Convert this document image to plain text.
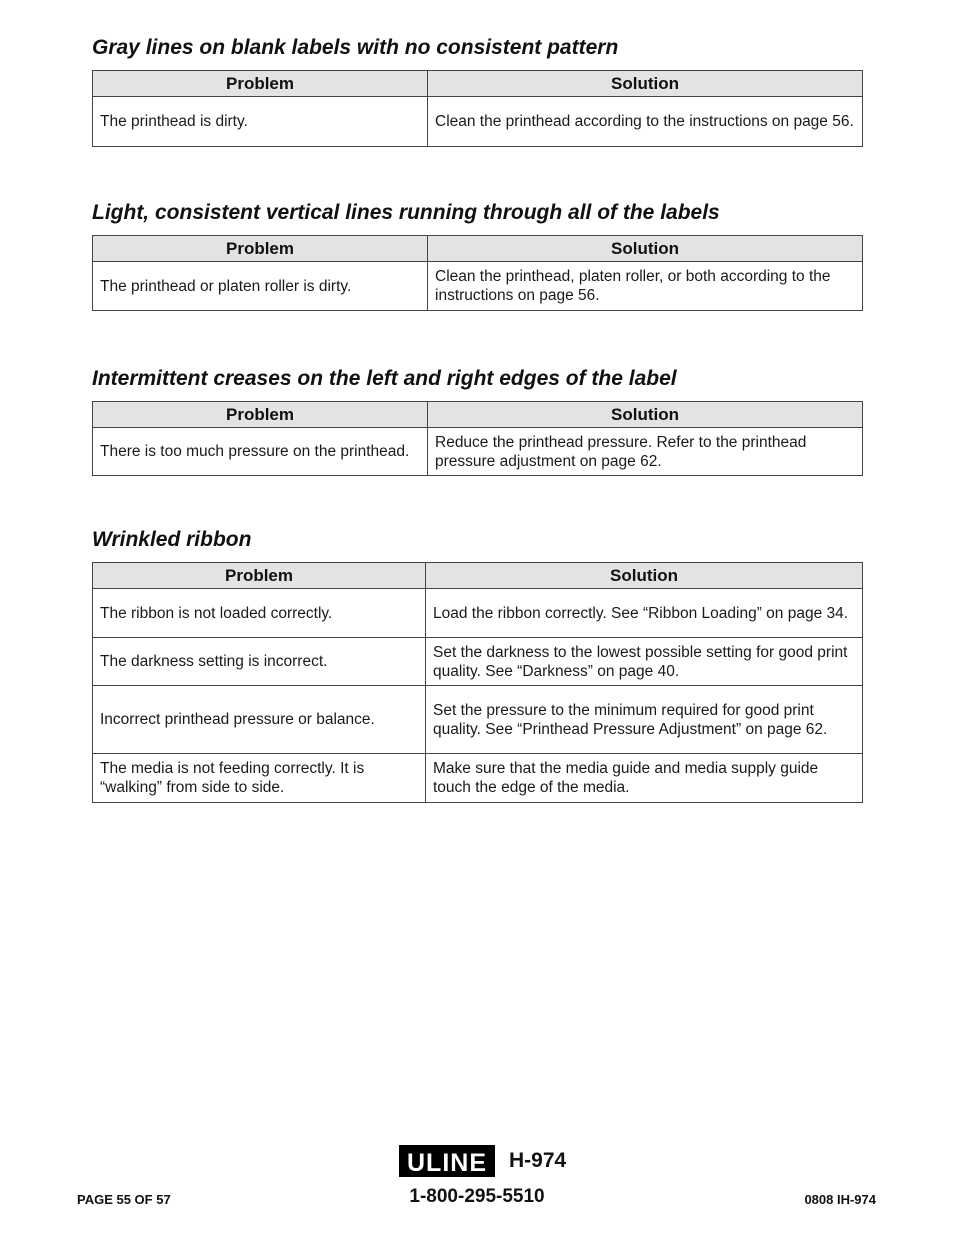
Gray lines on blank labels with no consistent pattern
Problem	Solution
The printhead is dirty.	Clean the printhead according to the instructions on page 56.
Light, consistent vertical lines running through all of the labels
Problem	Solution
The printhead or platen roller is dirty.	Clean the printhead, platen roller, or both according to the instructions on page 56.
Intermittent creases on the left and right edges of the label
Problem	Solution
There is too much pressure on the printhead.	Reduce the printhead pressure. Refer to the printhead pressure adjustment on page 62.
Wrinkled ribbon
Problem	Solution
The ribbon is not loaded correctly.	Load the ribbon correctly. See “Ribbon Loading” on page 34.
The darkness setting is incorrect.	Set the darkness to the lowest possible setting for good print quality. See “Darkness” on page 40.
Incorrect printhead pressure or balance.	Set the pressure to the minimum required for good print quality. See “Printhead Pressure Adjustment” on page 62.
The media is not feeding correctly. It is “walking” from side to side.	Make sure that the media guide and media supply guide touch the edge of the media.
ULINE	H-974
1-800-295-5510
PAGE 55 OF 57	0808 IH-974
